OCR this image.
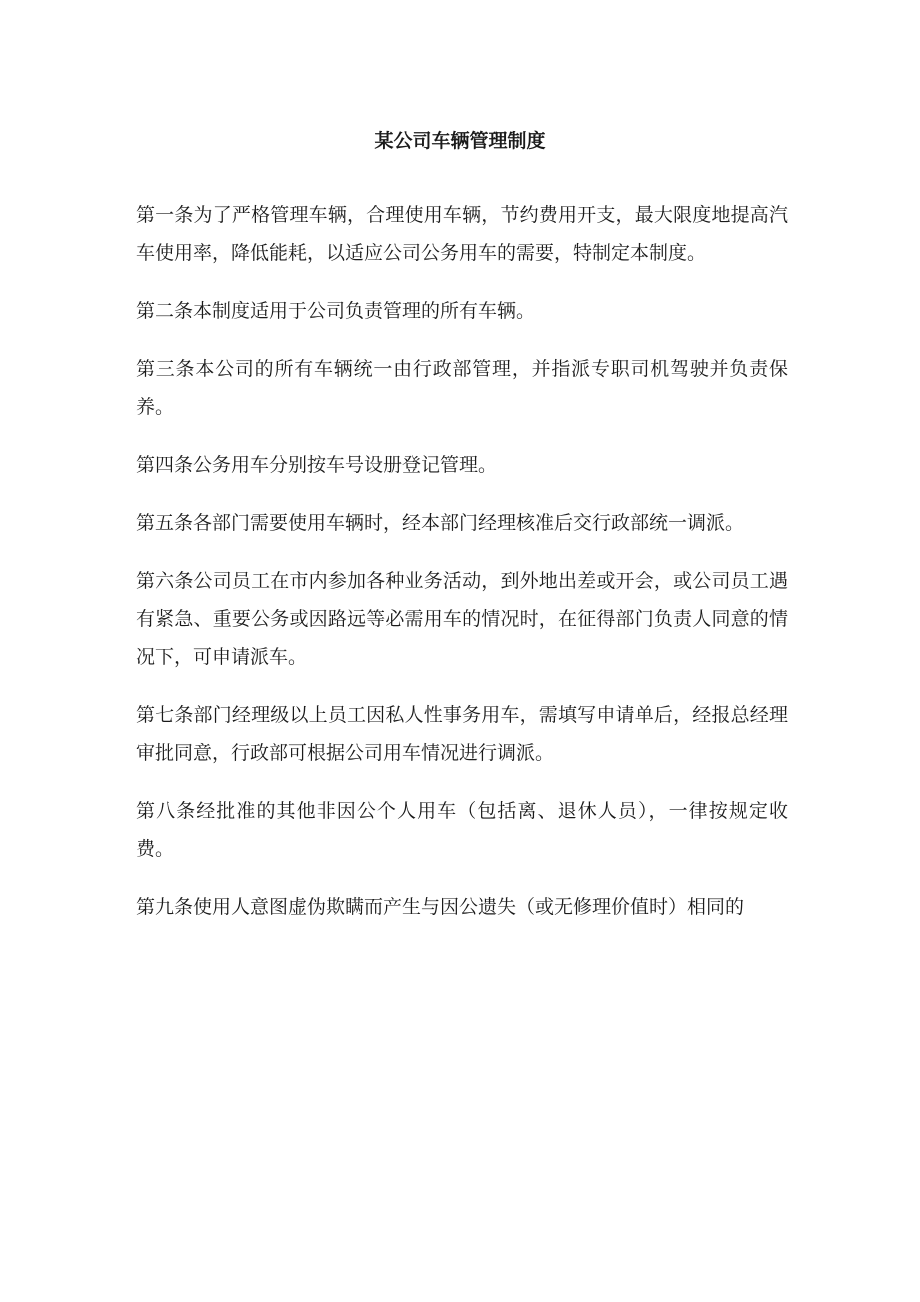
某公司车辆管理制度

第一条为了严格管理车辆，合理使用车辆，节约费用开支，最大限度地提高汽车使用率，降低能耗，以适应公司公务用车的需要，特制定本制度。

第二条本制度适用于公司负责管理的所有车辆。

第三条本公司的所有车辆统一由行政部管理，并指派专职司机驾驶并负责保养。

第四条公务用车分别按车号设册登记管理。

第五条各部门需要使用车辆时，经本部门经理核准后交行政部统一调派。

第六条公司员工在市内参加各种业务活动，到外地出差或开会，或公司员工遇有紧急、重要公务或因路远等必需用车的情况时，在征得部门负责人同意的情况下，可申请派车。

第七条部门经理级以上员工因私人性事务用车，需填写申请单后，经报总经理审批同意，行政部可根据公司用车情况进行调派。

第八条经批准的其他非因公个人用车（包括离、退休人员），一律按规定收费。

第九条使用人意图虚伪欺瞒而产生与因公遗失（或无修理价值时）相同的
